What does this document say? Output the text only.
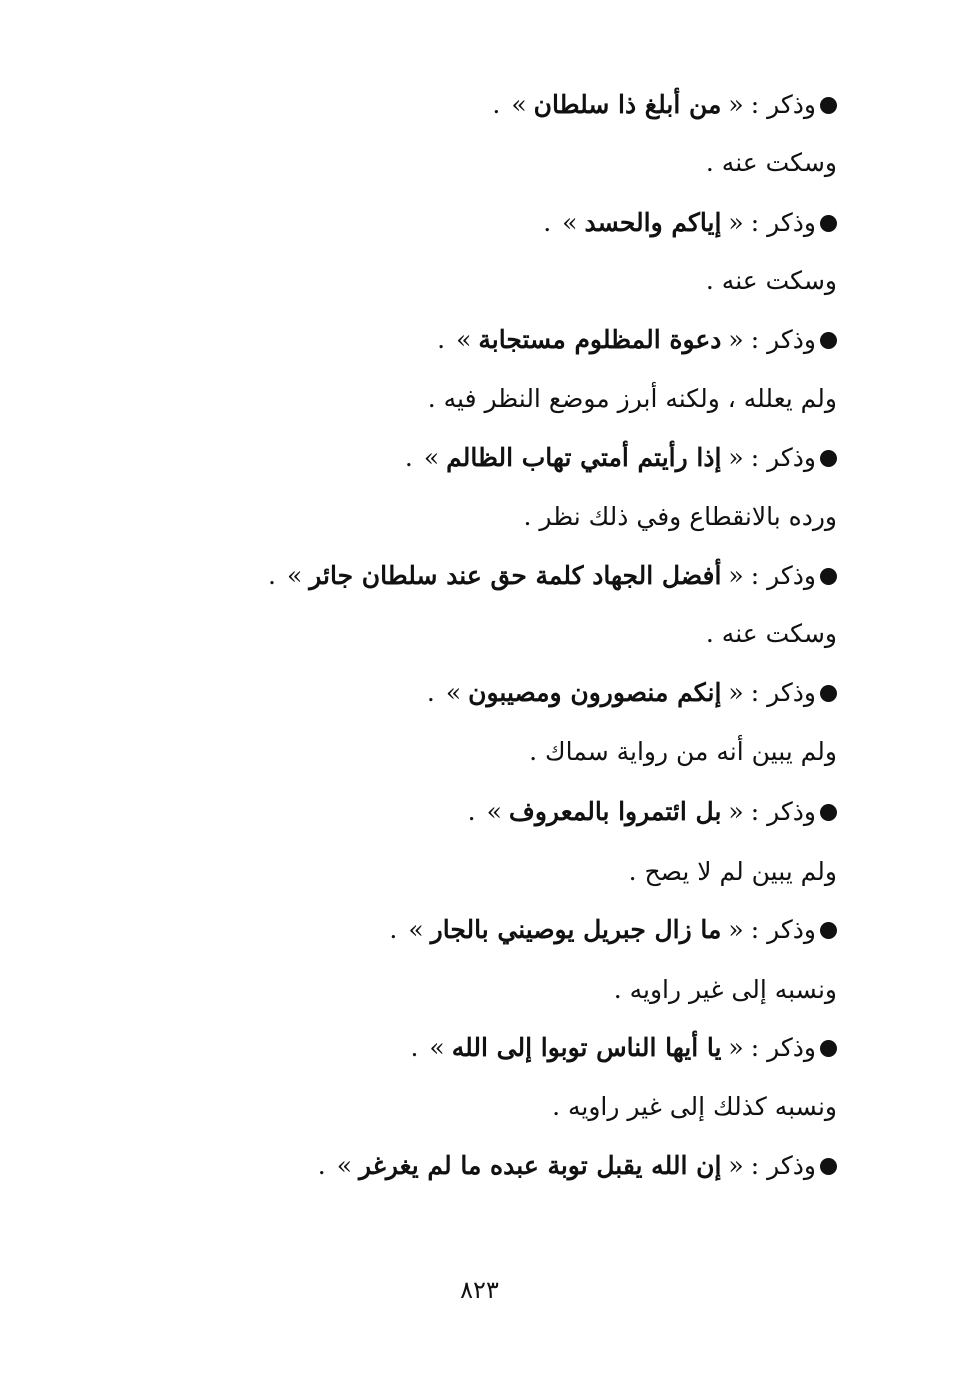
وذكر :
«
من أبلغ ذا سلطان
»
.
وسكت عنه .
وذكر :
«
إياكم والحسد
»
.
وسكت عنه .
وذكر :
«
دعوة المظلوم مستجابة
»
.
ولم يعلله ، ولكنه أبرز موضع النظر فيه .
وذكر :
«
إذا رأيتم أمتي تهاب الظالم
»
.
ورده بالانقطاع وفي ذلك نظر .
وذكر :
«
أفضل الجهاد كلمة حق عند سلطان جائر
»
.
وسكت عنه .
وذكر :
«
إنكم منصورون ومصيبون
»
.
ولم يبين أنه من رواية سماك .
وذكر :
«
بل ائتمروا بالمعروف
»
.
ولم يبين لم لا يصح .
وذكر :
«
ما زال جبريل يوصيني بالجار
»
.
ونسبه إلى غير راويه .
وذكر :
«
يا أيها الناس توبوا إلى الله
»
.
ونسبه كذلك إلى غير راويه .
وذكر :
«
إن الله يقبل توبة عبده ما لم يغرغر
»
.
٨٢٣
